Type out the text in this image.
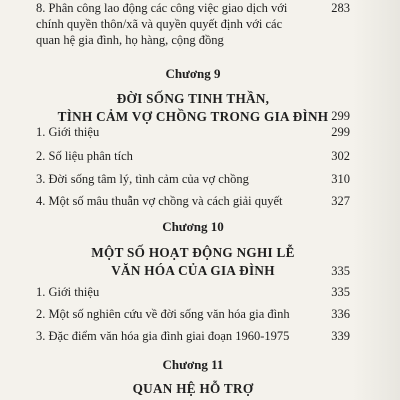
8. Phân công lao động các công việc giao dịch với chính quyền thôn/xã và quyền quyết định với các quan hệ gia đình, họ hàng, cộng đồng
283
Chương 9
ĐỜI SỐNG TINH THẦN,
TÌNH CẢM VỢ CHỒNG TRONG GIA ĐÌNH 299
1. Giới thiệu	299
2. Số liệu phân tích	302
3. Đời sống tâm lý, tình cảm của vợ chồng	310
4. Một số mâu thuẫn vợ chồng và cách giải quyết	327
Chương 10
MỘT SỐ HOẠT ĐỘNG NGHI LỄ
VĂN HÓA CỦA GIA ĐÌNH	335
1. Giới thiệu	335
2. Một số nghiên cứu về đời sống văn hóa gia đình	336
3. Đặc điểm văn hóa gia đình giai đoạn 1960-1975	339
Chương 11
QUAN HỆ HỖ TRỢ
